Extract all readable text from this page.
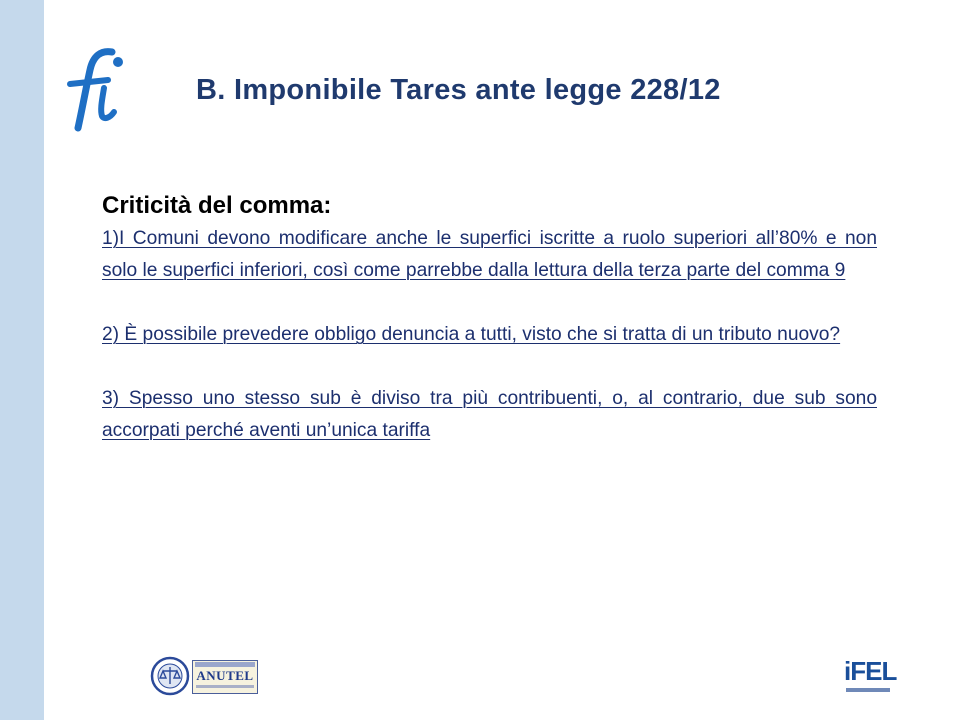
B. Imponibile Tares ante legge 228/12
Criticità del comma:

1)I Comuni devono modificare anche le superfici iscritte a ruolo superiori all’80% e non solo le superfici inferiori, così come parrebbe dalla lettura della terza parte del comma 9

2) È possibile prevedere obbligo denuncia a tutti, visto che si tratta di un tributo nuovo?

3) Spesso uno stesso sub è diviso tra più contribuenti, o, al contrario, due sub sono accorpati perché aventi un’unica tariffa

ANUTEL	iFEL
